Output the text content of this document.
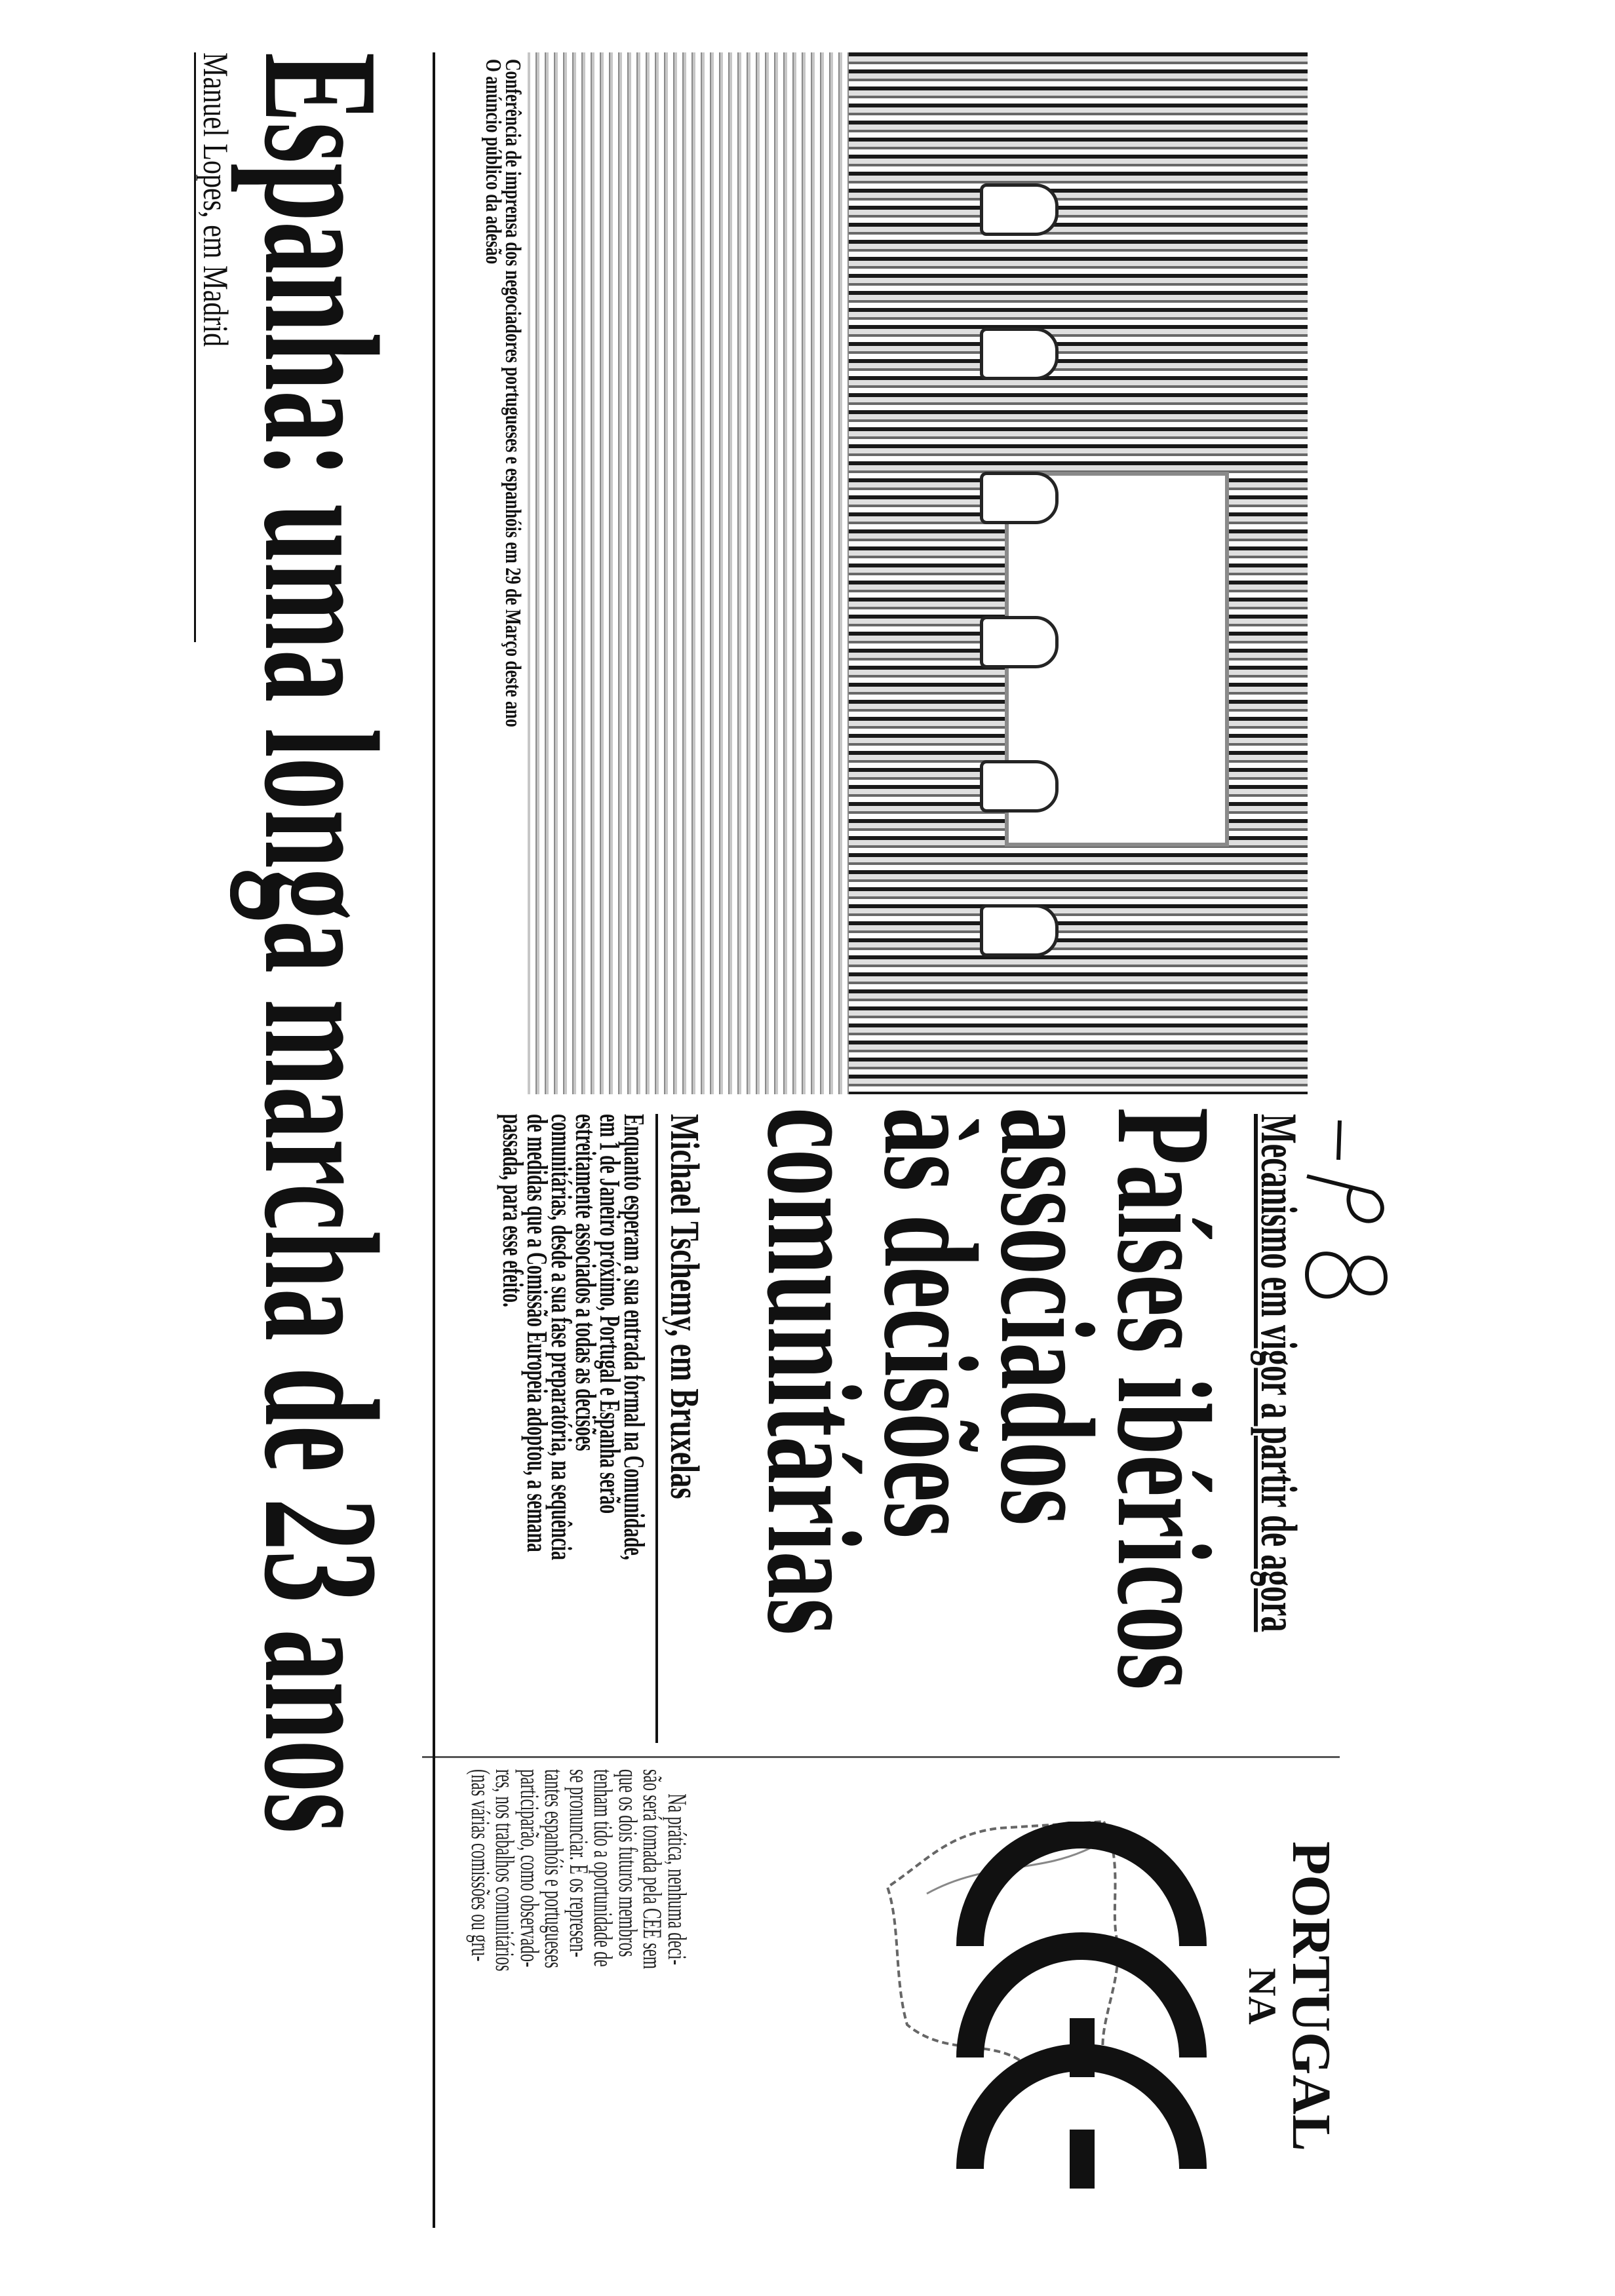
Mecanismo em vigor a partir de agora
Países ibéricos
associados
às decisões
comunitárias
Michael Tschemy, em Bruxelas
Enquanto esperam a sua entrada formal na Comunidade,
em 1 de Janeiro próximo, Portugal e Espanha serão
estreitamente associados a todas as decisões
comunitárias, desde a sua fase preparatória, na sequência
de medidas que a Comissão Europeia adoptou, a semana
passada, para esse efeito.
PORTUGAL
NA
Na prática, nenhuma deci-
são será tomada pela CEE sem
que os dois futuros membros
tenham tido a oportunidade de
se pronunciar. E os represen-
tantes espanhóis e portugueses
participarão, como observado-
res, nos trabalhos comunitários
(nas várias comissões ou gru-
Conferência de imprensa dos negociadores portugueses e espanhóis em 29 de Março deste ano
O anúncio público da adesão
Espanha: uma longa marcha de 23 anos
Manuel Lopes, em Madrid
